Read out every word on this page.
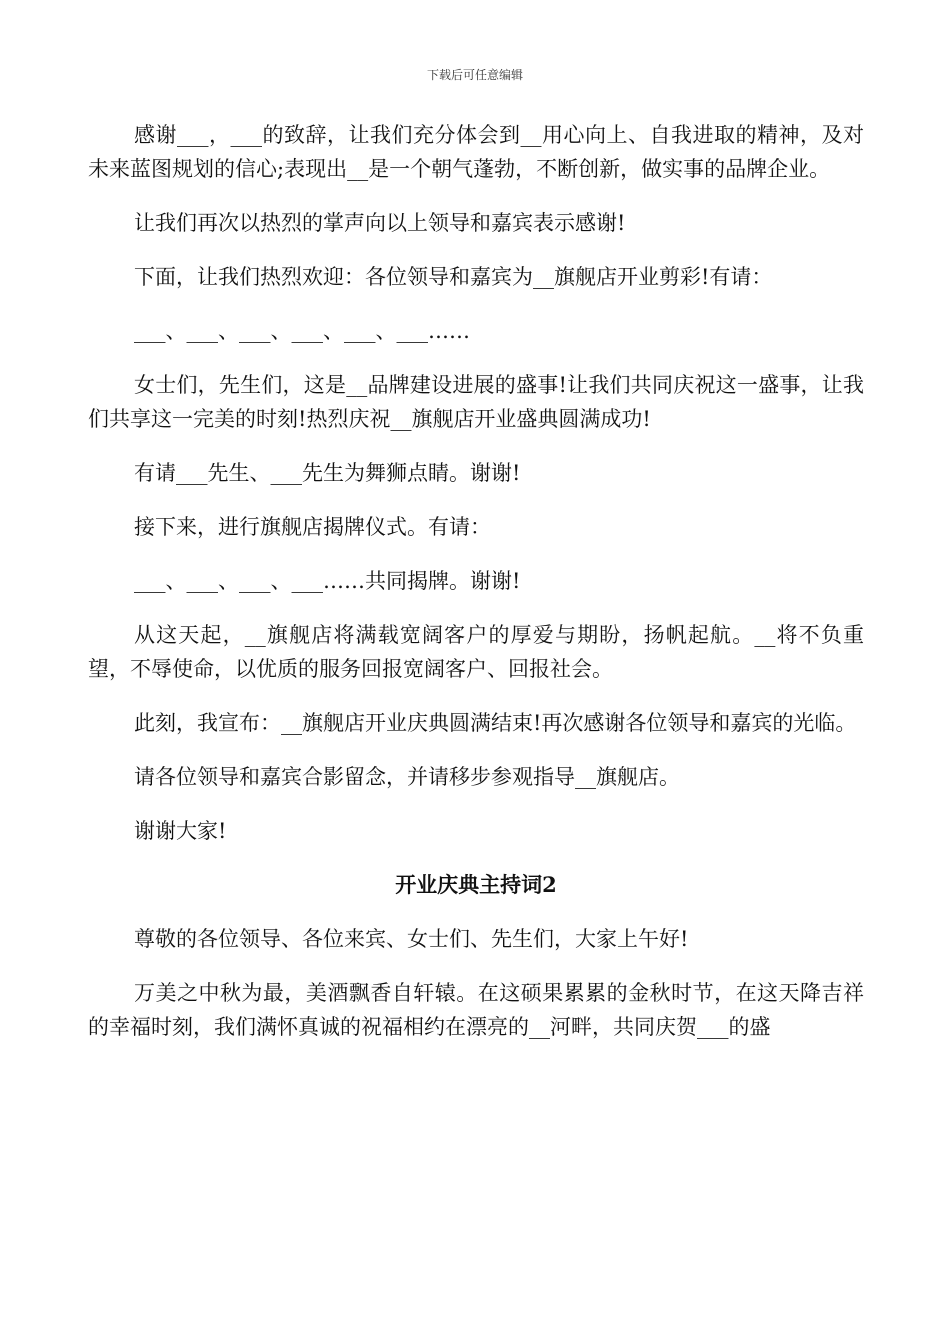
下载后可任意编辑

感谢___，___的致辞，让我们充分体会到__用心向上、自我进取的精神，及对未来蓝图规划的信心;表现出__是一个朝气蓬勃，不断创新，做实事的品牌企业。

让我们再次以热烈的掌声向以上领导和嘉宾表示感谢!

下面，让我们热烈欢迎：各位领导和嘉宾为__旗舰店开业剪彩!有请：

___、___、___、___、___、___……

女士们，先生们，这是__品牌建设进展的盛事!让我们共同庆祝这一盛事，让我们共享这一完美的时刻!热烈庆祝__旗舰店开业盛典圆满成功!

有请___先生、___先生为舞狮点睛。谢谢!

接下来，进行旗舰店揭牌仪式。有请：

___、___、___、___……共同揭牌。谢谢!

从这天起，__旗舰店将满载宽阔客户的厚爱与期盼，扬帆起航。__将不负重望，不辱使命，以优质的服务回报宽阔客户、回报社会。

此刻，我宣布：__旗舰店开业庆典圆满结束!再次感谢各位领导和嘉宾的光临。

请各位领导和嘉宾合影留念，并请移步参观指导__旗舰店。

谢谢大家!

开业庆典主持词2

尊敬的各位领导、各位来宾、女士们、先生们，大家上午好!

万美之中秋为最，美酒飘香自轩辕。在这硕果累累的金秋时节，在这天降吉祥的幸福时刻，我们满怀真诚的祝福相约在漂亮的__河畔，共同庆贺___的盛
